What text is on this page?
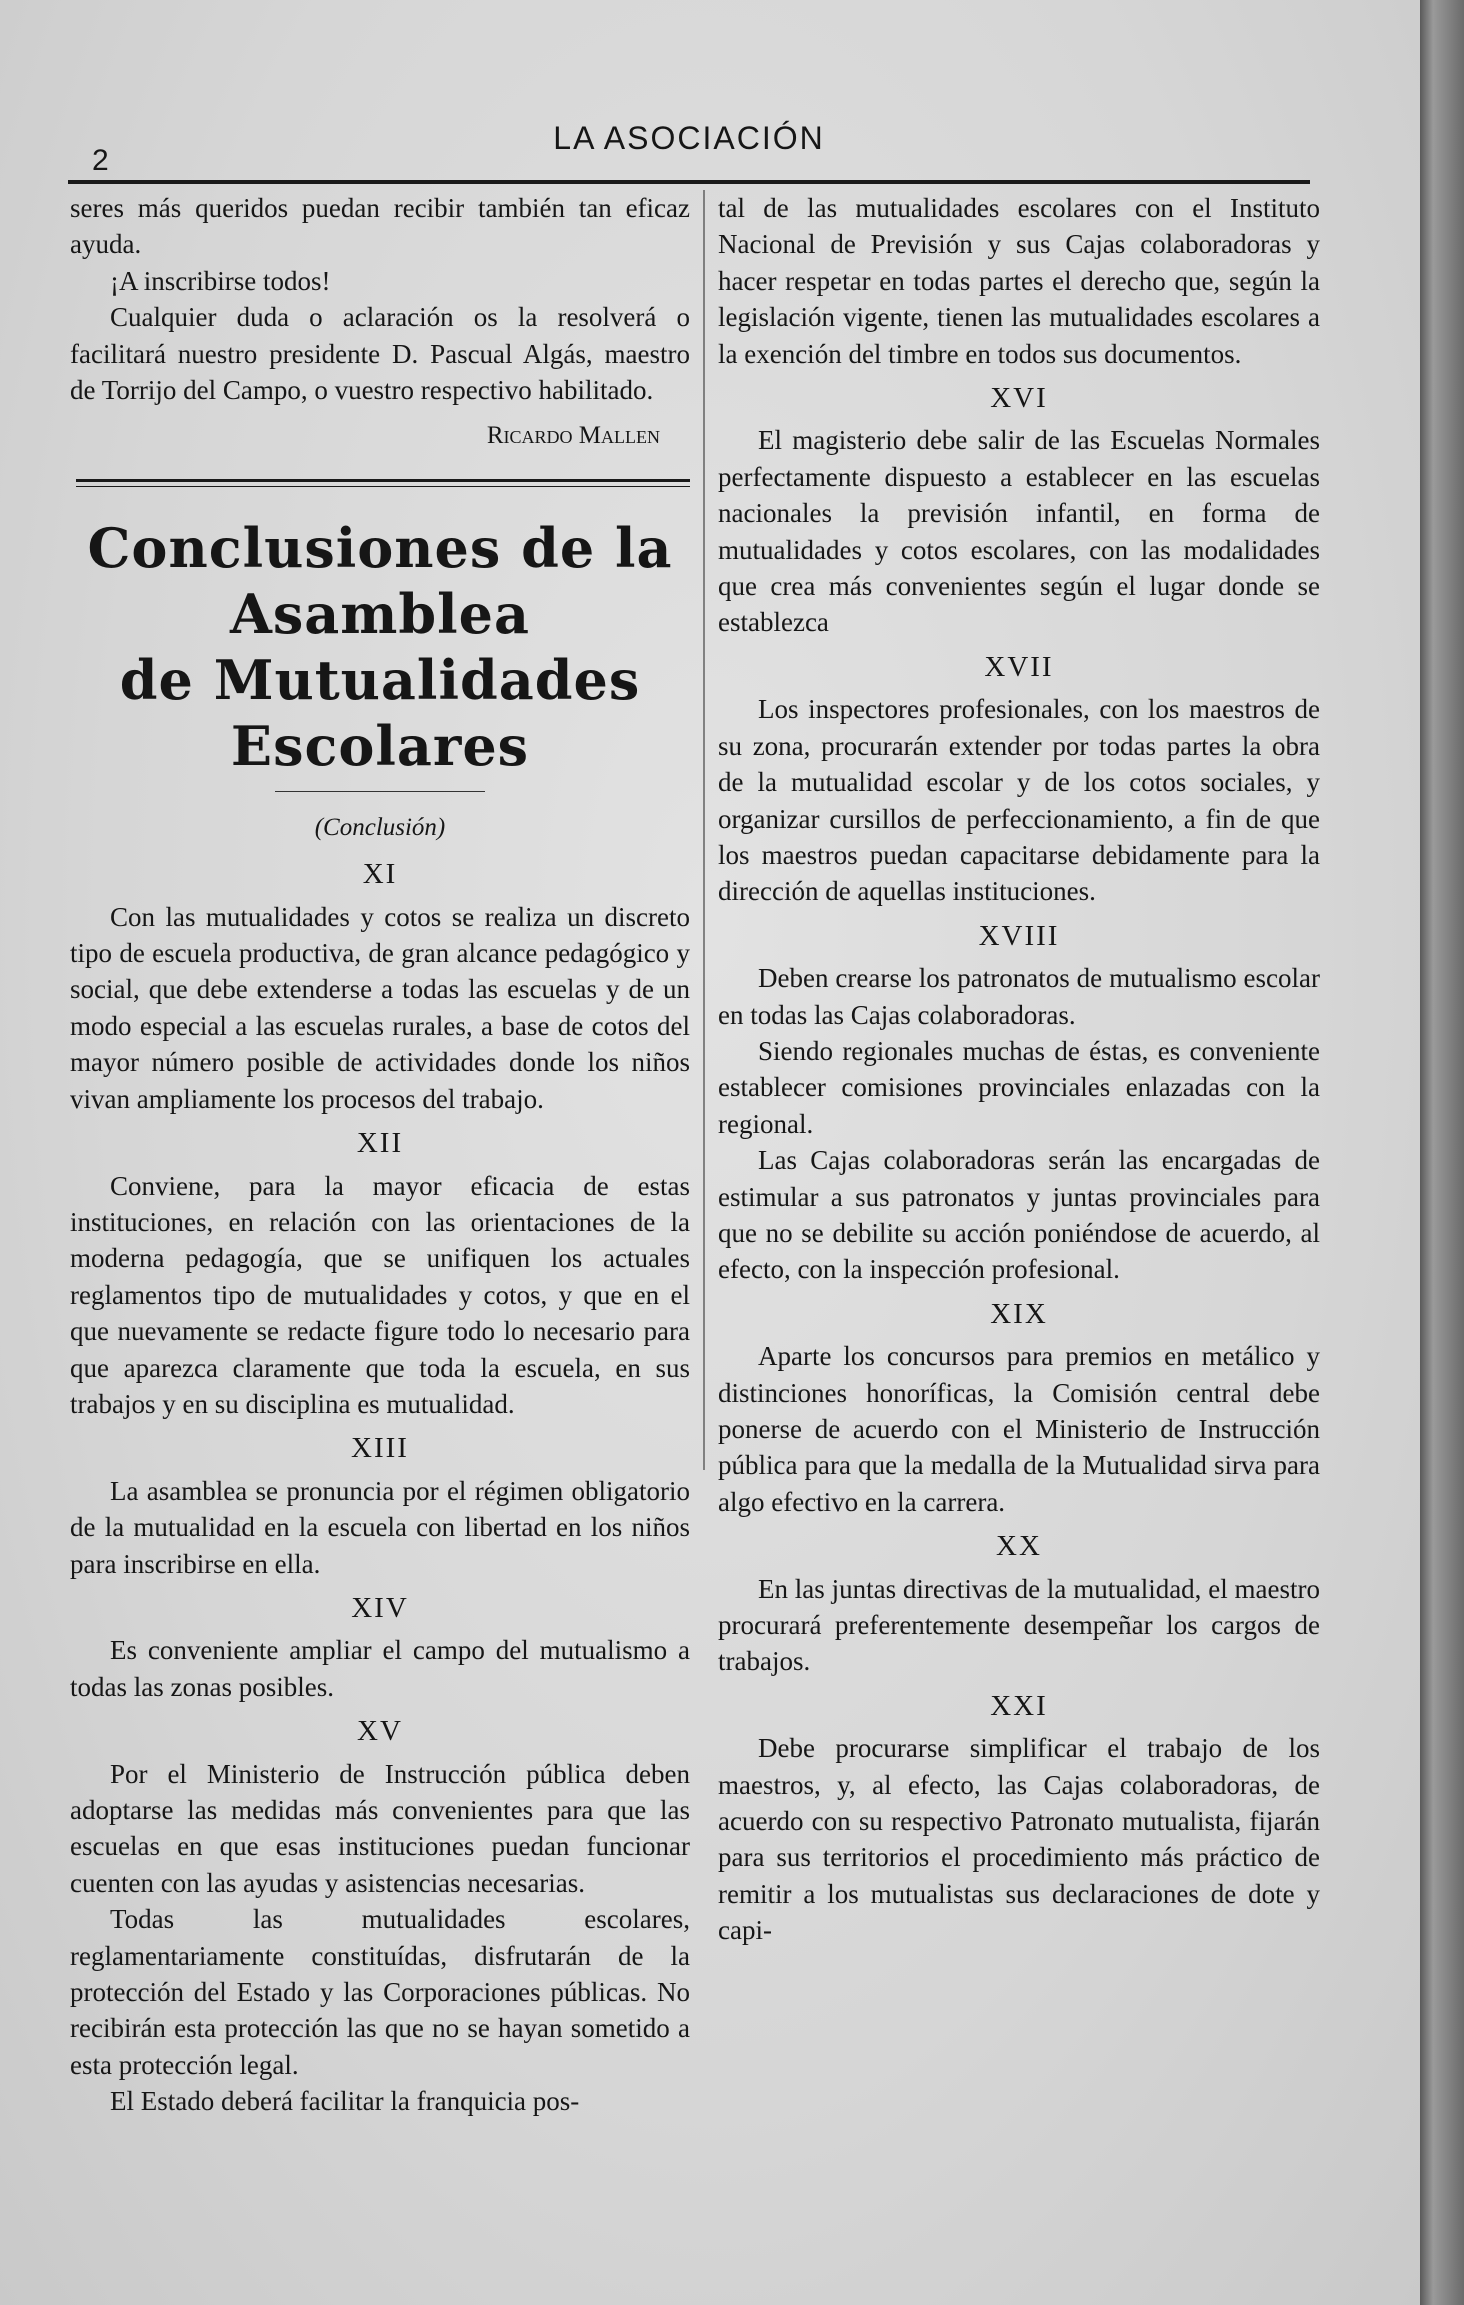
2
LA ASOCIACIÓN

seres más queridos puedan recibir también tan eficaz ayuda.

¡A inscribirse todos!

Cualquier duda o aclaración os la resolverá o facilitará nuestro presidente D. Pascual Algás, maestro de Torrijo del Campo, o vuestro respectivo habilitado.

Ricardo Mallen

Conclusiones de la Asamblea
de Mutualidades Escolares

(Conclusión)

XI

Con las mutualidades y cotos se realiza un discreto tipo de escuela productiva, de gran alcance pedagógico y social, que debe extenderse a todas las escuelas y de un modo especial a las escuelas rurales, a base de cotos del mayor número posible de actividades donde los niños vivan ampliamente los procesos del trabajo.

XII

Conviene, para la mayor eficacia de estas instituciones, en relación con las orientaciones de la moderna pedagogía, que se unifiquen los actuales reglamentos tipo de mutualidades y cotos, y que en el que nuevamente se redacte figure todo lo necesario para que aparezca claramente que toda la escuela, en sus trabajos y en su disciplina es mutualidad.

XIII

La asamblea se pronuncia por el régimen obligatorio de la mutualidad en la escuela con libertad en los niños para inscribirse en ella.

XIV

Es conveniente ampliar el campo del mutualismo a todas las zonas posibles.

XV

Por el Ministerio de Instrucción pública deben adoptarse las medidas más convenientes para que las escuelas en que esas instituciones puedan funcionar cuenten con las ayudas y asistencias necesarias.

Todas las mutualidades escolares, reglamentariamente constituídas, disfrutarán de la protección del Estado y las Corporaciones públicas. No recibirán esta protección las que no se hayan sometido a esta protección legal.

El Estado deberá facilitar la franquicia pos-

tal de las mutualidades escolares con el Instituto Nacional de Previsión y sus Cajas colaboradoras y hacer respetar en todas partes el derecho que, según la legislación vigente, tienen las mutualidades escolares a la exención del timbre en todos sus documentos.

XVI

El magisterio debe salir de las Escuelas Normales perfectamente dispuesto a establecer en las escuelas nacionales la previsión infantil, en forma de mutualidades y cotos escolares, con las modalidades que crea más convenientes según el lugar donde se establezca

XVII

Los inspectores profesionales, con los maestros de su zona, procurarán extender por todas partes la obra de la mutualidad escolar y de los cotos sociales, y organizar cursillos de perfeccionamiento, a fin de que los maestros puedan capacitarse debidamente para la dirección de aquellas instituciones.

XVIII

Deben crearse los patronatos de mutualismo escolar en todas las Cajas colaboradoras.

Siendo regionales muchas de éstas, es conveniente establecer comisiones provinciales enlazadas con la regional.

Las Cajas colaboradoras serán las encargadas de estimular a sus patronatos y juntas provinciales para que no se debilite su acción poniéndose de acuerdo, al efecto, con la inspección profesional.

XIX

Aparte los concursos para premios en metálico y distinciones honoríficas, la Comisión central debe ponerse de acuerdo con el Ministerio de Instrucción pública para que la medalla de la Mutualidad sirva para algo efectivo en la carrera.

XX

En las juntas directivas de la mutualidad, el maestro procurará preferentemente desempeñar los cargos de trabajos.

XXI

Debe procurarse simplificar el trabajo de los maestros, y, al efecto, las Cajas colaboradoras, de acuerdo con su respectivo Patronato mutualista, fijarán para sus territorios el procedimiento más práctico de remitir a los mutualistas sus declaraciones de dote y capi-
